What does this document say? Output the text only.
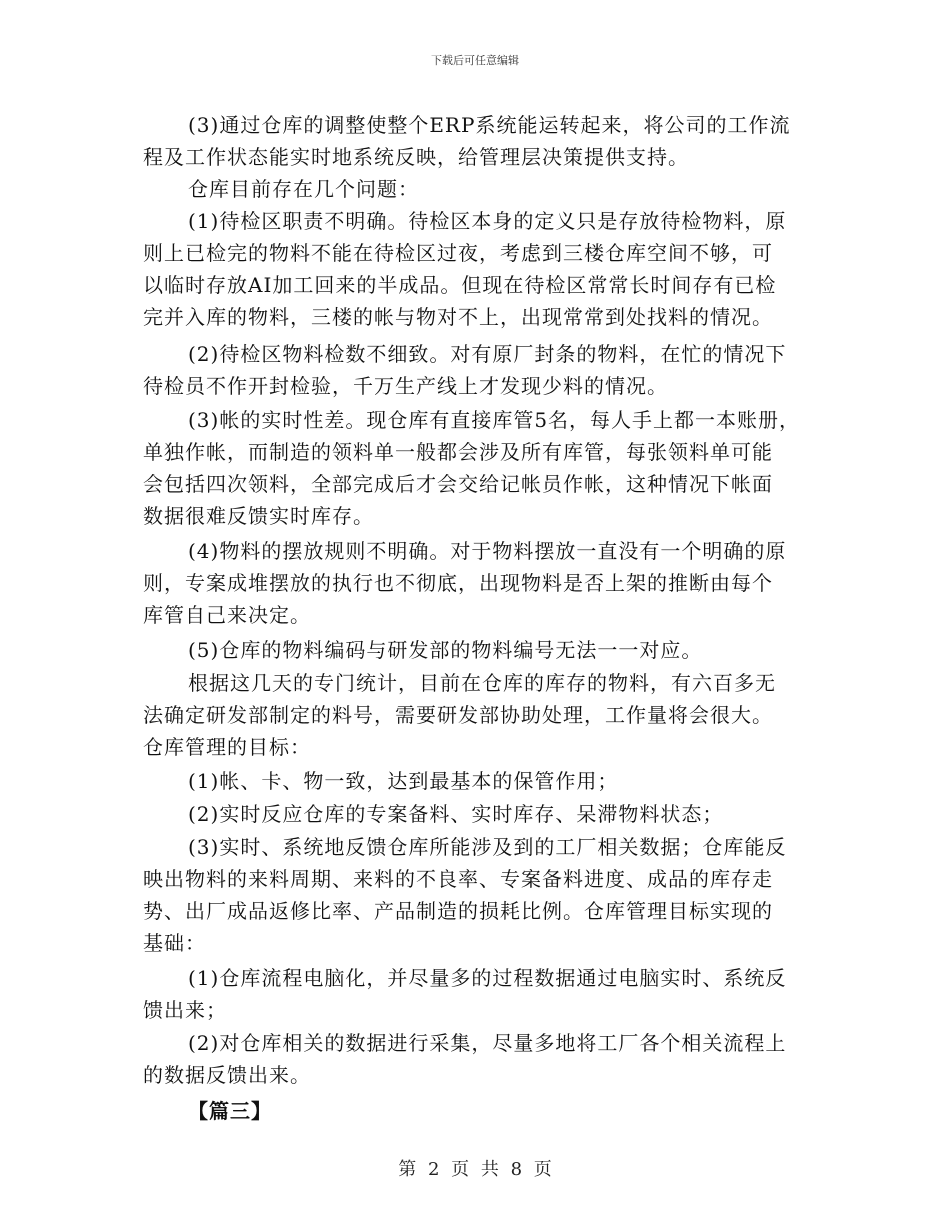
下载后可任意编辑
(3)通过仓库的调整使整个ERP系统能运转起来，将公司的工作流
程及工作状态能实时地系统反映，给管理层决策提供支持。
仓库目前存在几个问题：
(1)待检区职责不明确。待检区本身的定义只是存放待检物料，原
则上已检完的物料不能在待检区过夜，考虑到三楼仓库空间不够，可
以临时存放AI加工回来的半成品。但现在待检区常常长时间存有已检
完并入库的物料，三楼的帐与物对不上，出现常常到处找料的情况。
(2)待检区物料检数不细致。对有原厂封条的物料，在忙的情况下
待检员不作开封检验，千万生产线上才发现少料的情况。
(3)帐的实时性差。现仓库有直接库管5名，每人手上都一本账册，
单独作帐，而制造的领料单一般都会涉及所有库管，每张领料单可能
会包括四次领料，全部完成后才会交给记帐员作帐，这种情况下帐面
数据很难反馈实时库存。
(4)物料的摆放规则不明确。对于物料摆放一直没有一个明确的原
则，专案成堆摆放的执行也不彻底，出现物料是否上架的推断由每个
库管自己来决定。
(5)仓库的物料编码与研发部的物料编号无法一一对应。
根据这几天的专门统计，目前在仓库的库存的物料，有六百多无
法确定研发部制定的料号，需要研发部协助处理，工作量将会很大。
仓库管理的目标：
(1)帐、卡、物一致，达到最基本的保管作用；
(2)实时反应仓库的专案备料、实时库存、呆滞物料状态；
(3)实时、系统地反馈仓库所能涉及到的工厂相关数据；仓库能反
映出物料的来料周期、来料的不良率、专案备料进度、成品的库存走
势、出厂成品返修比率、产品制造的损耗比例。仓库管理目标实现的
基础：
(1)仓库流程电脑化，并尽量多的过程数据通过电脑实时、系统反
馈出来；
(2)对仓库相关的数据进行采集，尽量多地将工厂各个相关流程上
的数据反馈出来。
【篇三】
第 2 页 共 8 页
